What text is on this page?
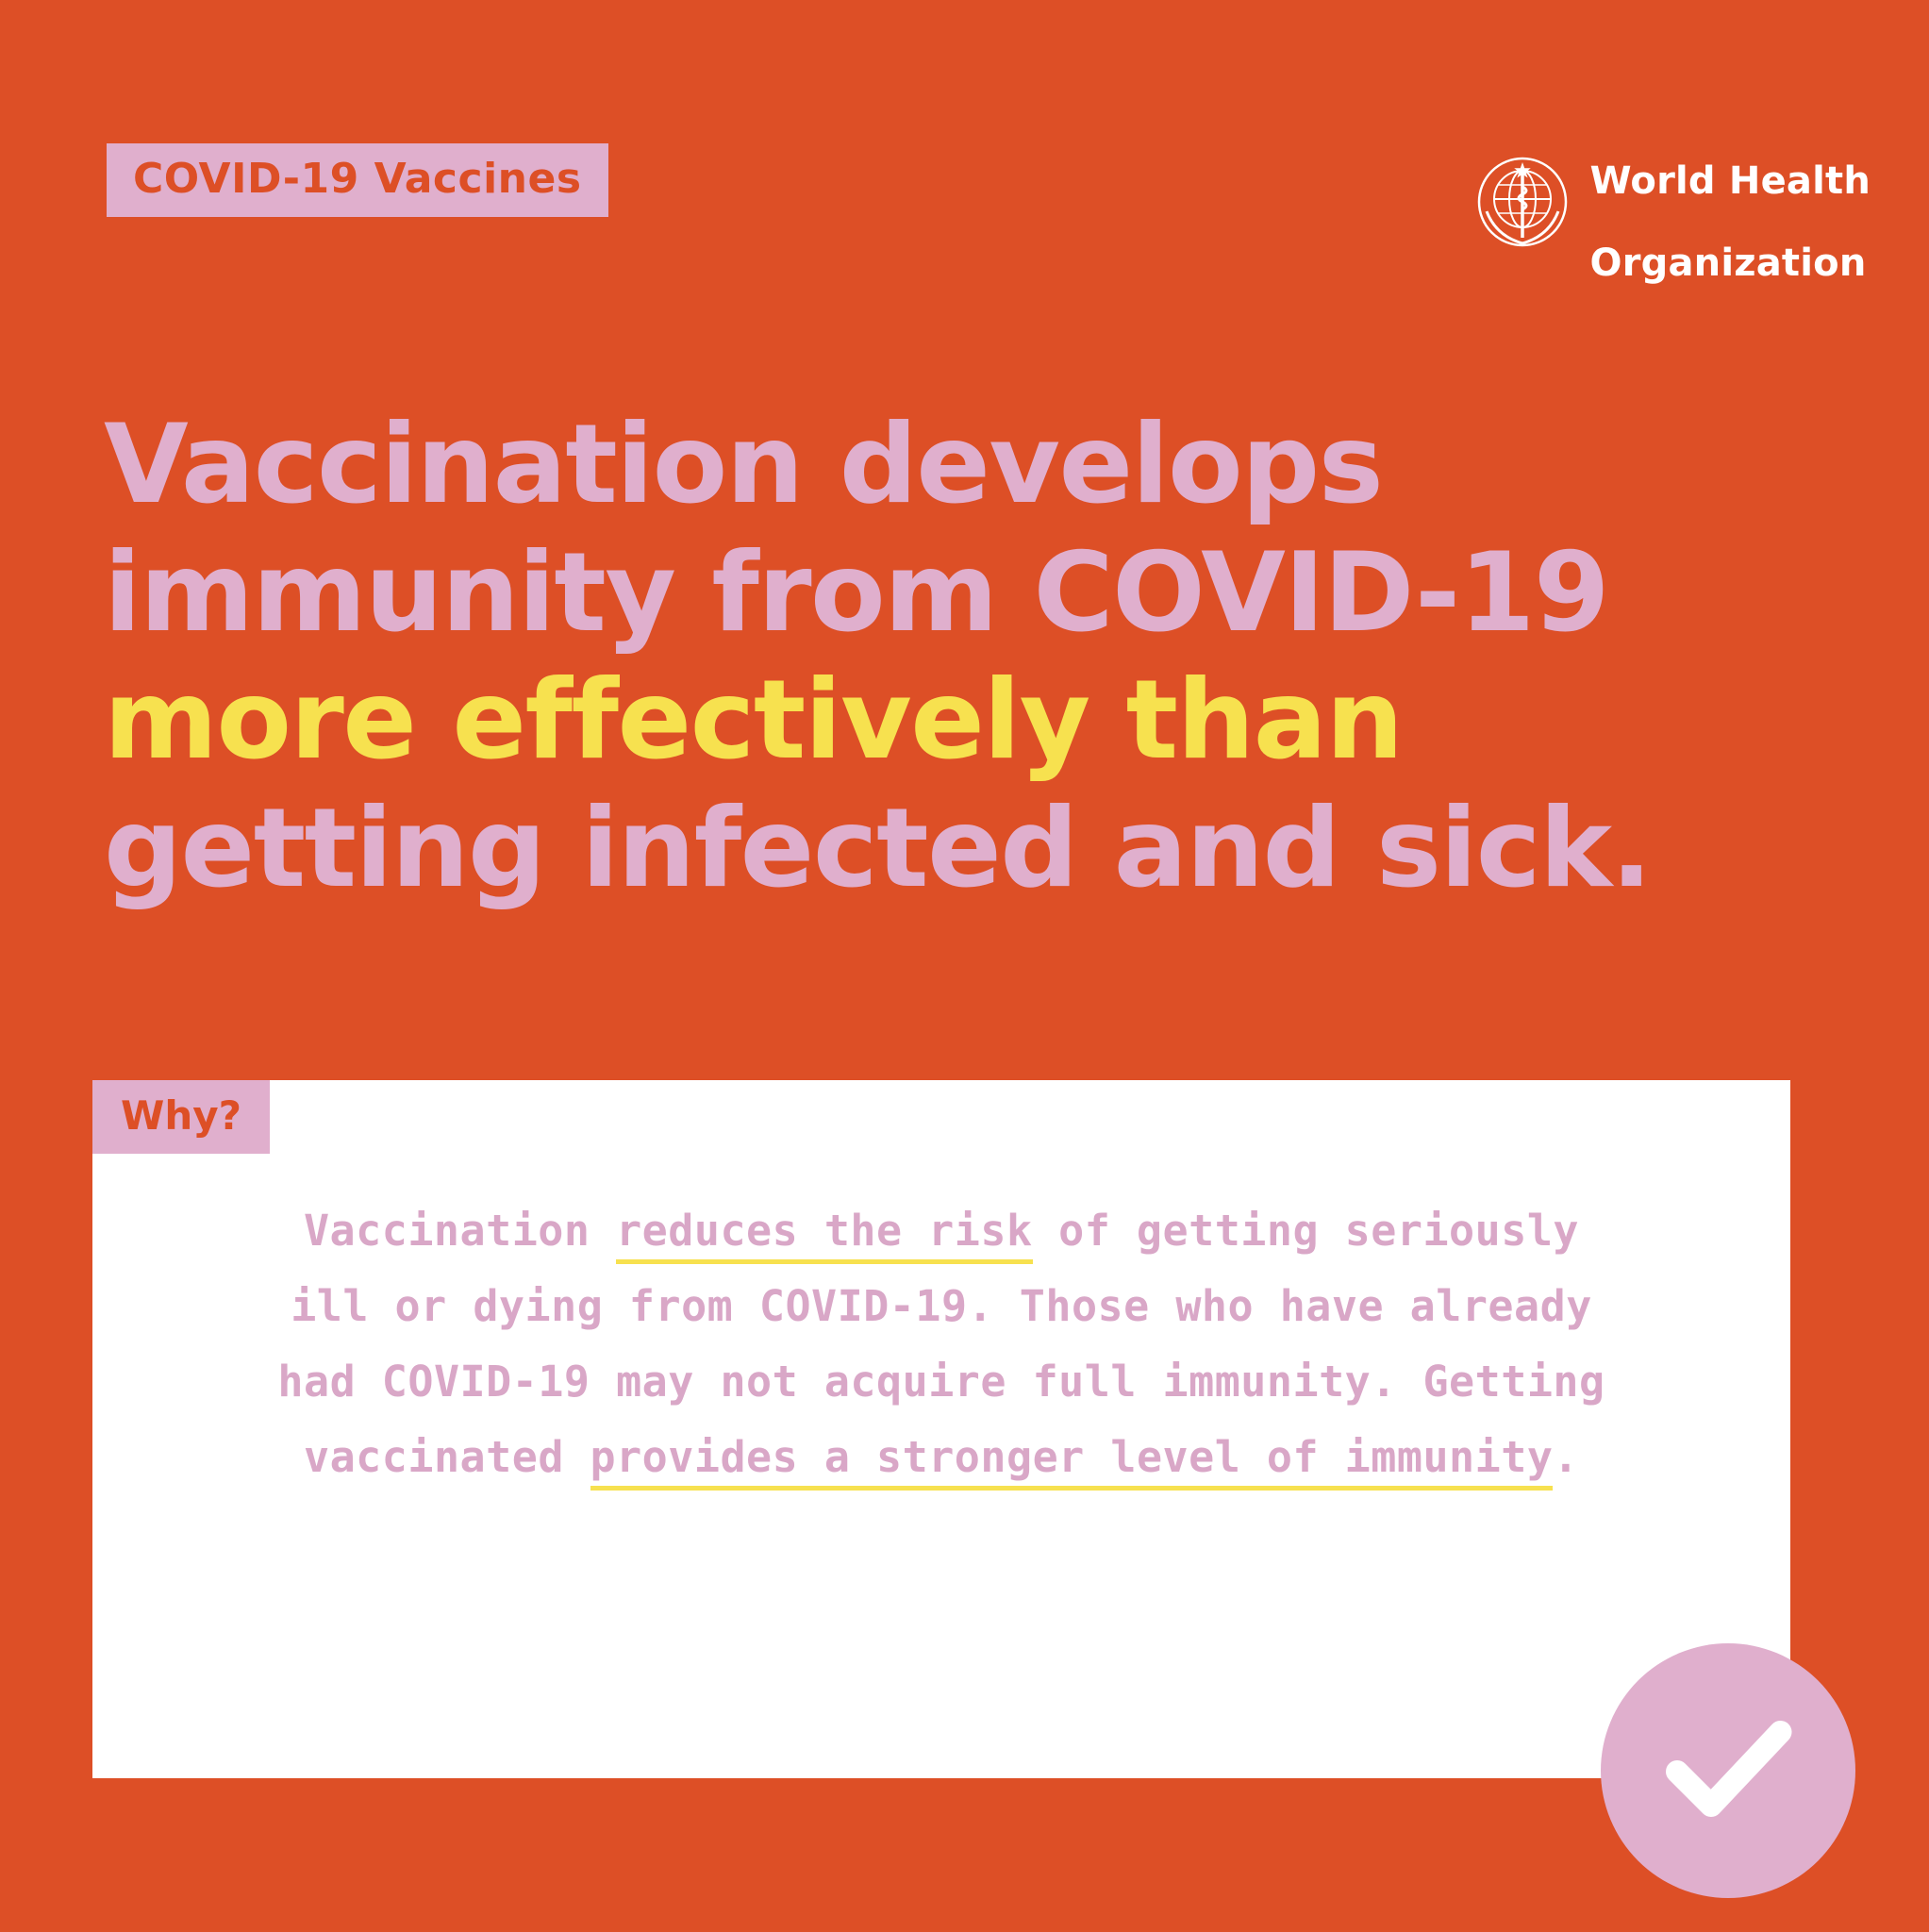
COVID-19 Vaccines	World Health

Organization

Vaccination develops
immunity from COVID-19
more effectively than
getting infected and sick.
Why?
Vaccination reduces the risk of getting seriously ill or dying from COVID-19. Those who have already had COVID-19 may not acquire full immunity. Getting vaccinated provides a stronger level of immunity.
